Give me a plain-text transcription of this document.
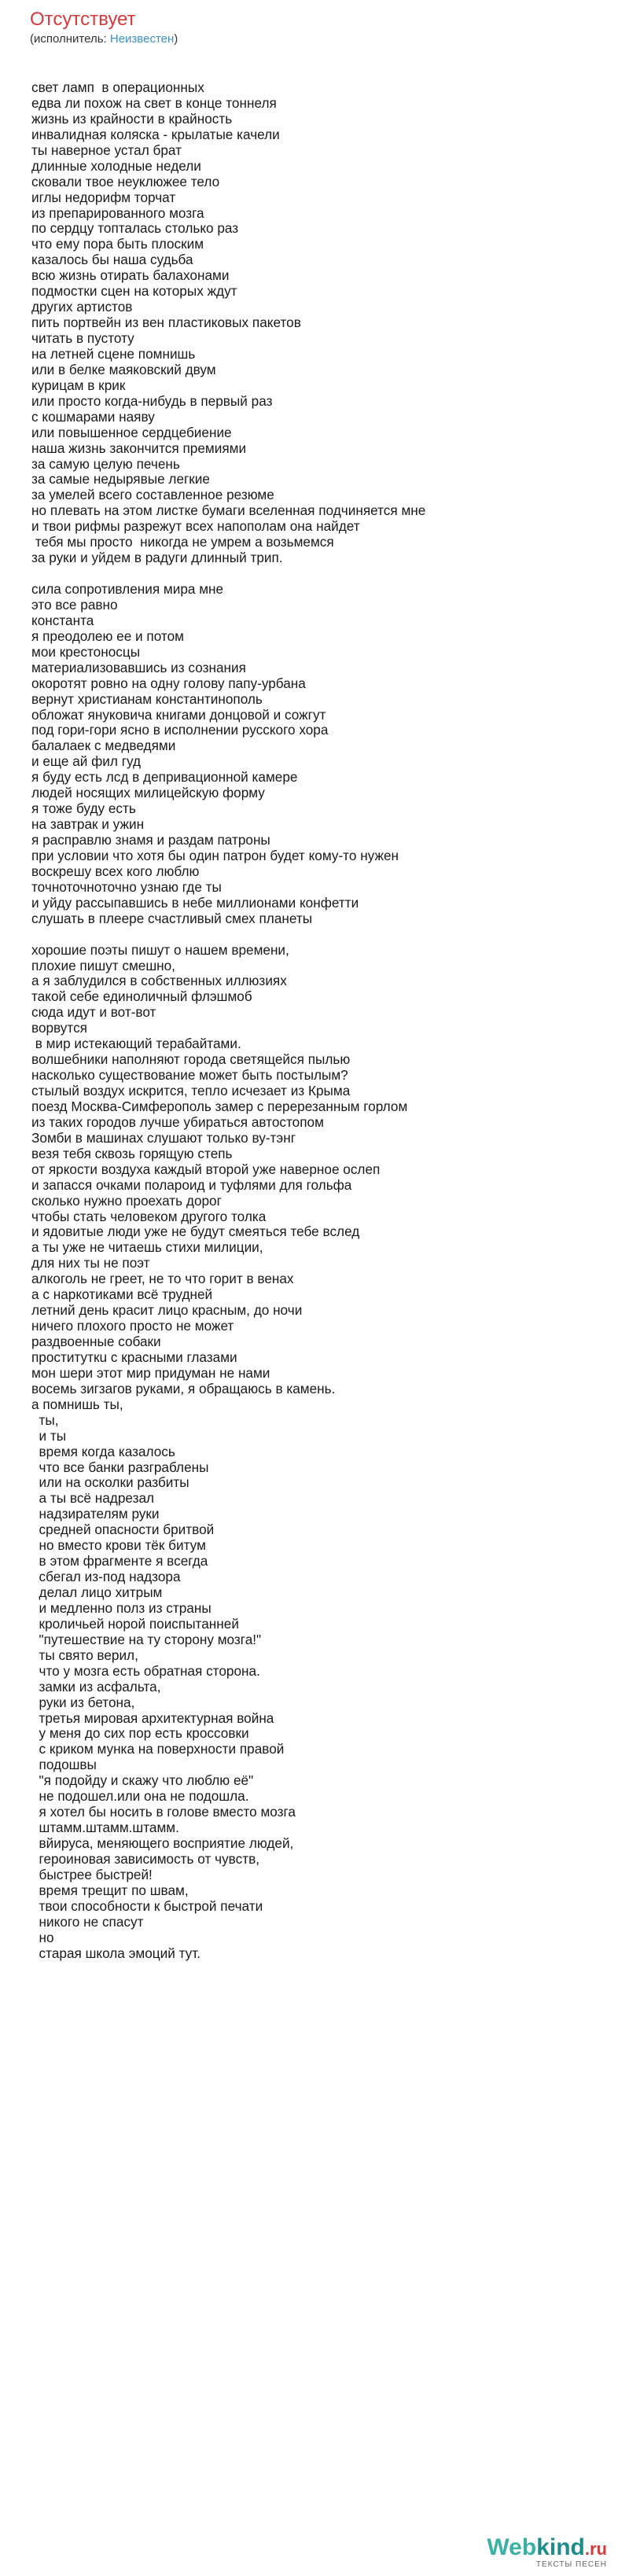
Отсутствует
(исполнитель: Неизвестен)
свет ламп  в операционных
едва ли похож на свет в конце тоннеля
жизнь из крайности в крайность
инвалидная коляска - крылатые качели
ты наверное устал брат
длинные холодные недели
сковали твое неуклюжее тело
иглы недорифм торчат
из препарированного мозга
по сердцу топталась столько раз
что ему пора быть плоским
казалось бы наша судьба
всю жизнь отирать балахонами
подмостки сцен на которых ждут
других артистов
пить портвейн из вен пластиковых пакетов
читать в пустоту
на летней сцене помнишь
или в белке маяковский двум
курицам в крик
или просто когда-нибудь в первый раз
с кошмарами наяву
или повышенное сердцебиение
наша жизнь закончится премиями
за самую целую печень
за самые недырявые легкие
за умелей всего составленное резюме
но плевать на этом листке бумаги вселенная подчиняется мне
и твои рифмы разрежут всех напополам она найдет
тебя мы просто  никогда не умрем а возьмемся
за руки и уйдем в радуги длинный трип.
сила сопротивления мира мне
это все равно
константа
я преодолею ее и потом
мои крестоносцы
материализовавшись из сознания
окоротят ровно на одну голову папу-урбана
вернут христианам константинополь
обложат януковича книгами донцовой и сожгут
под гори-гори ясно в исполнении русского хора
балалаек с медведями
и еще ай фил гуд
я буду есть лсд в депривационной камере
людей носящих милицейскую форму
я тоже буду есть
на завтрак и ужин
я расправлю знамя и раздам патроны
при условии что хотя бы один патрон будет кому-то нужен
воскрешу всех кого люблю
точноточноточно узнаю где ты
и уйду рассыпавшись в небе миллионами конфетти
слушать в плеере счастливый смех планеты
хорошие поэты пишут о нашем времени,
плохие пишут смешно,
а я заблудился в собственных иллюзиях
такой себе единоличный флэшмоб
сюда идут и вот-вот
ворвутся
в мир истекающий терабайтами.
волшебники наполняют города светящейся пылью
насколько существование может быть постылым?
стылый воздух искрится, тепло исчезает из Крыма
поезд Москва-Симферополь замер с перерезанным горлом
из таких городов лучше убираться автостопом
Зомби в машинах слушают только ву-тэнг
везя тебя сквозь горящую степь
от яркости воздуха каждый второй уже наверное ослеп
и запасся очками полароид и туфлями для гольфа
сколько нужно проехать дорог
чтобы стать человеком другого толка
и ядовитые люди уже не будут смеяться тебе вслед
а ты уже не читаешь стихи милиции,
для них ты не поэт
алкоголь не греет, не то что горит в венах
а с наркотиками всё трудней
летний день красит лицо красным, до ночи
ничего плохого просто не может
раздвоенные собаки
проституткu с красными глазами
мон шери этот мир придуман не нами
восемь зигзагов руками, я обращаюсь в камень.
а помнишь ты,
ты,
и ты
время когда казалось
что все банки разграблены
или на осколки разбиты
а ты всё надрезал
надзирателям руки
средней опасности бритвой
но вместо крови тёк битум
в этом фрагменте я всегда
сбегал из-под надзора
делал лицо хитрым
и медленно полз из страны
кроличьей норой поиспытанней
"путешествие на ту сторону мозга!"
ты свято верил,
что у мозга есть обратная сторона.
замки из асфальта,
руки из бетона,
третья мировая архитектурная война
у меня до сих пор есть кроссовки
с криком мунка на поверхности правой
подошвы
"я подойду и скажу что люблю её"
не подошел.или она не подошла.
я хотел бы носить в голове вместо мозга
штамм.штамм.штамм.
вйируса, меняющего восприятие людей,
героиновая зависимость от чувств,
быстрее быстрей!
время трещит по швам,
твои способности к быстрой печати
никого не спасут
но
старая школа эмоций тут.
Webkind.ru
ТЕКСТЫ ПЕСЕН
